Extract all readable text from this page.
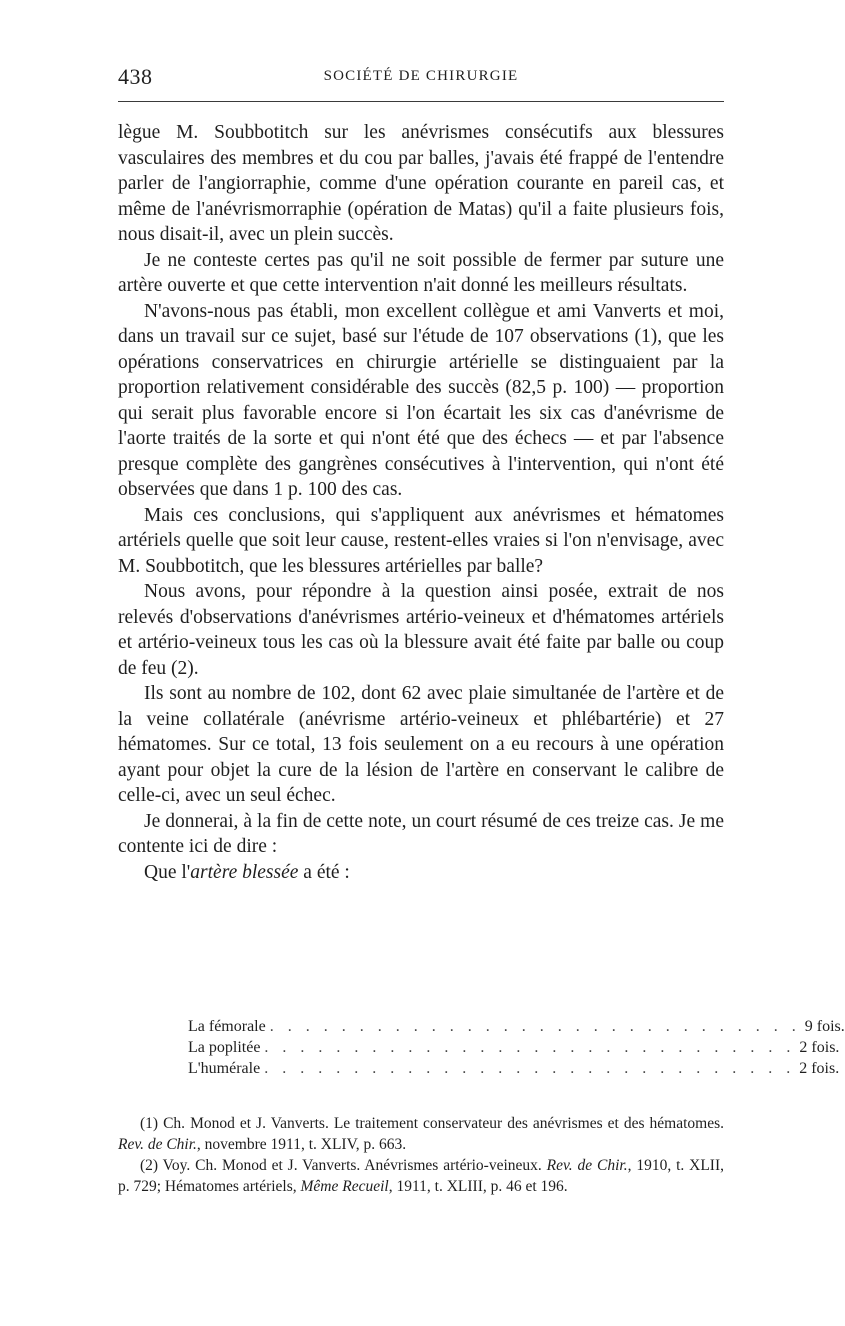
438	SOCIÉTÉ DE CHIRURGIE

lègue M. Soubbotitch sur les anévrismes consécutifs aux blessures vasculaires des membres et du cou par balles, j'avais été frappé de l'entendre parler de l'angiorraphie, comme d'une opération courante en pareil cas, et même de l'anévrismorraphie (opération de Matas) qu'il a faite plusieurs fois, nous disait-il, avec un plein succès.

Je ne conteste certes pas qu'il ne soit possible de fermer par suture une artère ouverte et que cette intervention n'ait donné les meilleurs résultats.

N'avons-nous pas établi, mon excellent collègue et ami Vanverts et moi, dans un travail sur ce sujet, basé sur l'étude de 107 observations (1), que les opérations conservatrices en chirurgie artérielle se distinguaient par la proportion relativement considérable des succès (82,5 p. 100) — proportion qui serait plus favorable encore si l'on écartait les six cas d'anévrisme de l'aorte traités de la sorte et qui n'ont été que des échecs — et par l'absence presque complète des gangrènes consécutives à l'intervention, qui n'ont été observées que dans 1 p. 100 des cas.

Mais ces conclusions, qui s'appliquent aux anévrismes et hématomes artériels quelle que soit leur cause, restent-elles vraies si l'on n'envisage, avec M. Soubbotitch, que les blessures artérielles par balle?

Nous avons, pour répondre à la question ainsi posée, extrait de nos relevés d'observations d'anévrismes artério-veineux et d'hématomes artériels et artério-veineux tous les cas où la blessure avait été faite par balle ou coup de feu (2).

Ils sont au nombre de 102, dont 62 avec plaie simultanée de l'artère et de la veine collatérale (anévrisme artério-veineux et phlébartérie) et 27 hématomes. Sur ce total, 13 fois seulement on a eu recours à une opération ayant pour objet la cure de la lésion de l'artère en conservant le calibre de celle-ci, avec un seul échec.

Je donnerai, à la fin de cette note, un court résumé de ces treize cas. Je me contente ici de dire :

Que l'artère blessée a été :

La fémorale . . . . . . . . . . . . . . . . . . . . . . . . . . . . . . 9 fois.
La poplitée . . . . . . . . . . . . . . . . . . . . . . . . . . . . . . 2 fois.
L'humérale . . . . . . . . . . . . . . . . . . . . . . . . . . . . . . 2 fois.

(1) Ch. Monod et J. Vanverts. Le traitement conservateur des anévrismes et des hématomes. Rev. de Chir., novembre 1911, t. XLIV, p. 663.

(2) Voy. Ch. Monod et J. Vanverts. Anévrismes artério-veineux. Rev. de Chir., 1910, t. XLII, p. 729; Hématomes artériels, Même Recueil, 1911, t. XLIII, p. 46 et 196.
